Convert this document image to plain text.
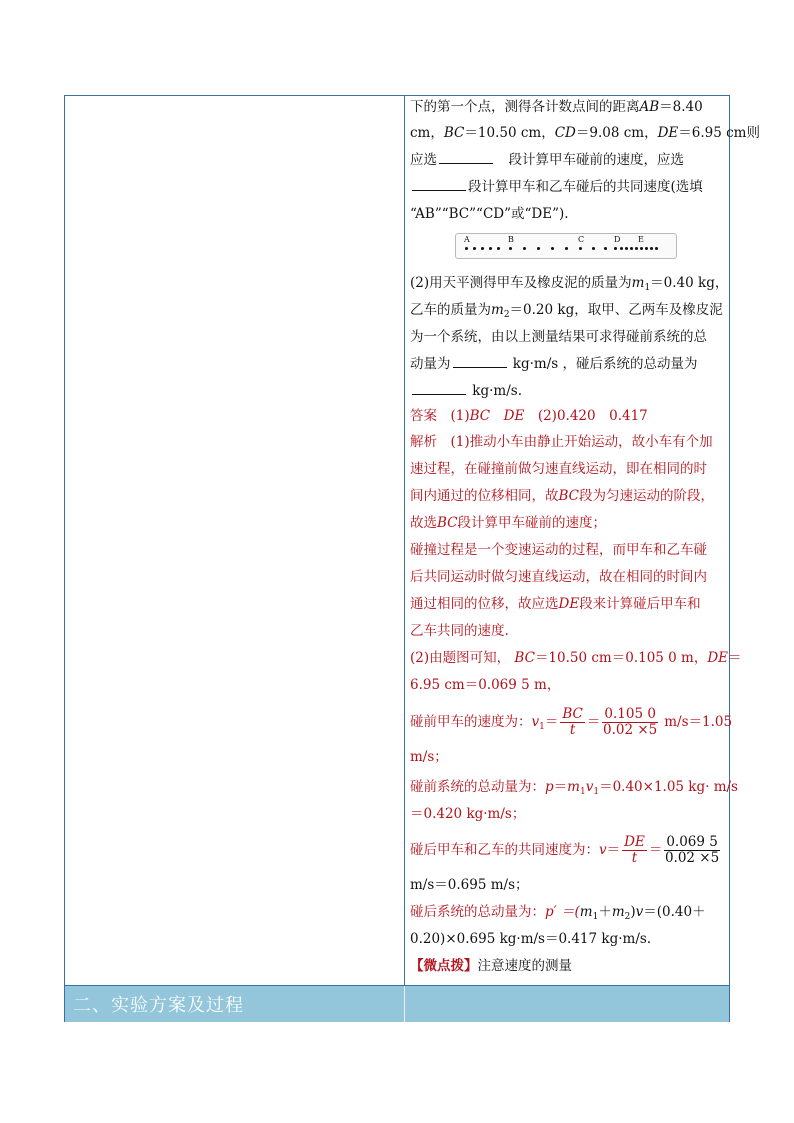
下的第一个点，测得各计数点间的距离AB＝8.40
cm，BC＝10.50 cm，CD＝9.08 cm，DE＝6.95 cm则
应选　	段计算甲车碰前的速度，应选
段计算甲车和乙车碰后的共同速度(选填
“AB”“BC”“CD”或“DE”).
A	B	C	D E
(2)用天平测得甲车及橡皮泥的质量为$m_1=0.40$ kg，
乙车的质量为$m_2=0.20$ kg，取甲、乙两车及橡皮泥
为一个系统，由以上测量结果可求得碰前系统的总
动量为	kg·m/s ，碰后系统的总动量为
kg·m/s.
答案　 (1)BC　 DE　 (2)0.420　0.417
解析　 (1)推动小车由静止开始运动，故小车有个加
速过程，在碰撞前做匀速直线运动，即在相同的时
间内通过的位移相同，故BC段为匀速运动的阶段，
故选BC段计算甲车碰前的速度；
碰撞过程是一个变速运动的过程，而甲车和乙车碰
后共同运动时做匀速直线运动，故在相同的时间内
通过相同的位移，故应选DE段来计算碰后甲车和
乙车共同的速度.
(2)由题图可知， BC＝10.50 cm＝0.105 0 m，DE＝
6.95 cm＝0.069 5 m，
碰前甲车的速度为：$v_1= \frac{BC}{t} = \frac{0.105 0}{0.02 \times 5} m/s=1.05$
m/s；
碰前系统的总动量为：$p=m_1v_1=0.40\times 1.05$ kg· m/s
＝0.420 kg·m/s；
碰后甲车和乙车的共同速度为：$v= \frac{DE}{t} = \frac{0.069 5}{0.02 \times 5}$
m/s＝0.695 m/s；
碰后系统的总动量为：$p' =(m_1+m_2)v=(0.40+$
0.20)×0.695 kg·m/s＝0.417 kg·m/s.
【微点拨】注意速度的测量
二、实验方案及过程
